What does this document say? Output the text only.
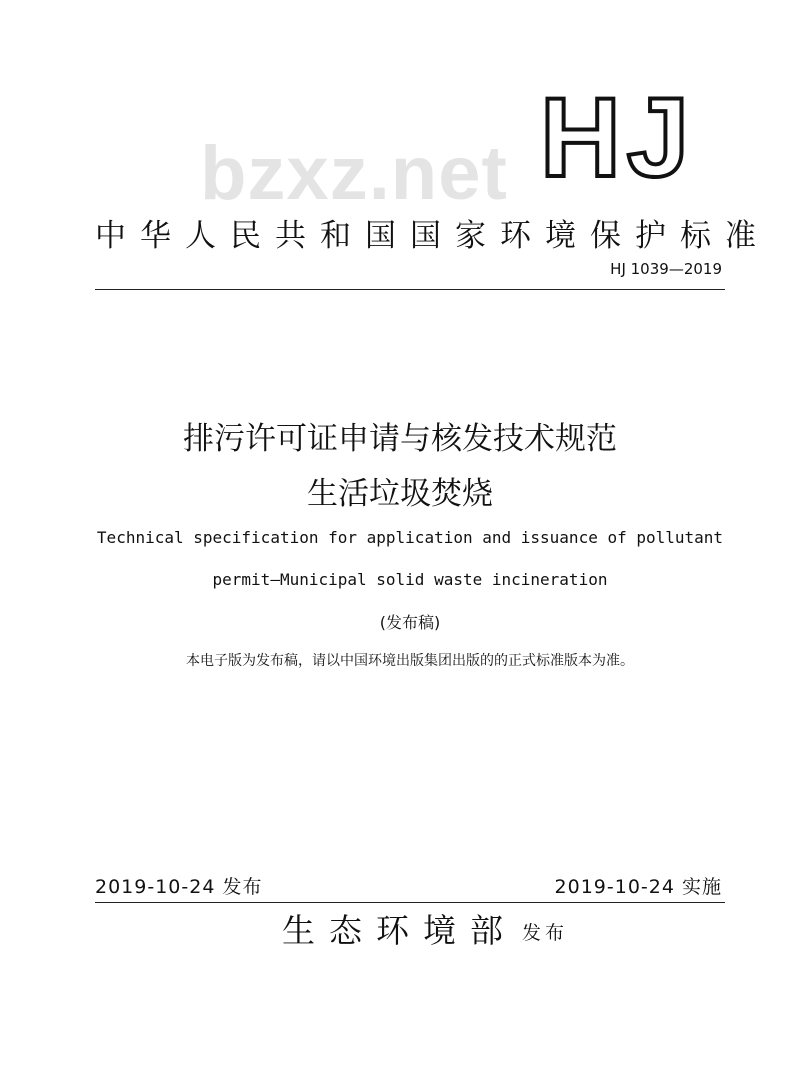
bzxz.net HJ
中华人民共和国国家环境保护标准
HJ 1039—2019
排污许可证申请与核发技术规范
生活垃圾焚烧
Technical specification for application and issuance of pollutant
permit—Municipal solid waste incineration
(发布稿)
本电子版为发布稿，请以中国环境出版集团出版的的正式标准版本为准。
2019-10-24 发布	2019-10-24 实施
生态环境部 发布
